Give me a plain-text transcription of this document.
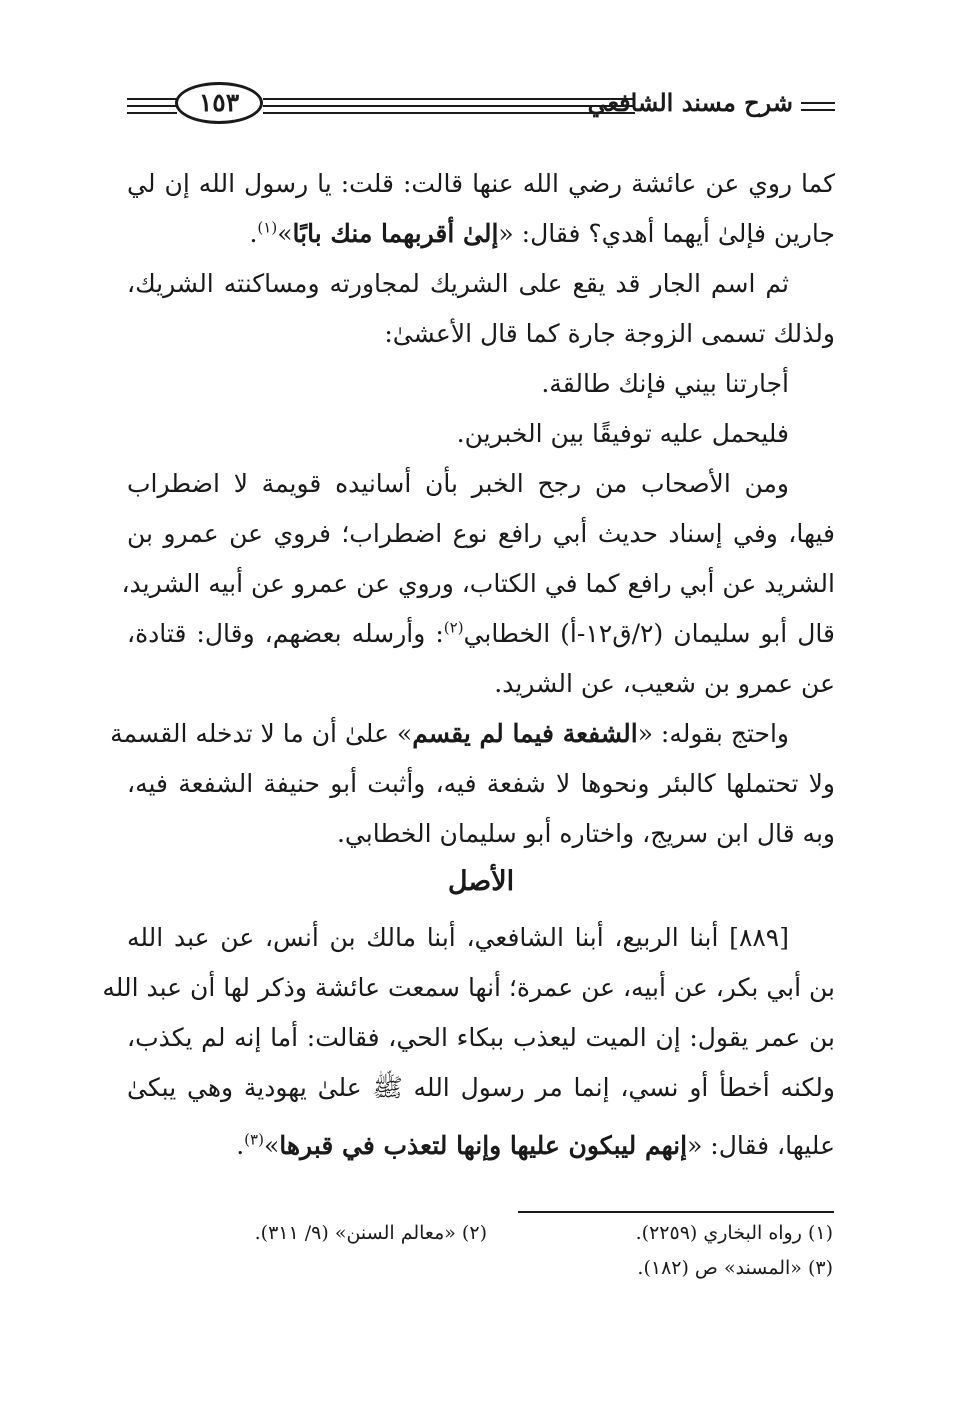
شرح مسند الشافعي
١٥٣
كما روي عن عائشة رضي الله عنها قالت: قلت: يا رسول الله إن لي
جارين فإلىٰ أيهما أهدي؟ فقال: «إلىٰ أقربهما منك بابًا»$^{(١)}$.
ثم اسم الجار قد يقع على الشريك لمجاورته ومساكنته الشريك،
ولذلك تسمى الزوجة جارة كما قال الأعشىٰ:
أجارتنا بيني فإنك طالقة.
فليحمل عليه توفيقًا بين الخبرين.
ومن الأصحاب من رجح الخبر بأن أسانيده قويمة لا اضطراب
فيها، وفي إسناد حديث أبي رافع نوع اضطراب؛ فروي عن عمرو بن
الشريد عن أبي رافع كما في الكتاب، وروي عن عمرو عن أبيه الشريد،
قال أبو سليمان (٢/ق١٢-أ) الخطابي$^{(٢)}$: وأرسله بعضهم، وقال: قتادة،
عن عمرو بن شعيب، عن الشريد.
واحتج بقوله: «الشفعة فيما لم يقسم» علىٰ أن ما لا تدخله القسمة
ولا تحتملها كالبئر ونحوها لا شفعة فيه، وأثبت أبو حنيفة الشفعة فيه،
وبه قال ابن سريج، واختاره أبو سليمان الخطابي.
الأصل
[٨٨٩] أبنا الربيع، أبنا الشافعي، أبنا مالك بن أنس، عن عبد الله
بن أبي بكر، عن أبيه، عن عمرة؛ أنها سمعت عائشة وذكر لها أن عبد الله
بن عمر يقول: إن الميت ليعذب ببكاء الحي، فقالت: أما إنه لم يكذب،
ولكنه أخطأ أو نسي، إنما مر رسول الله ﷺ علىٰ يهودية وهي يبكىٰ
عليها، فقال: «إنهم ليبكون عليها وإنها لتعذب في قبرها»$^{(٣)}$.
(١) رواه البخاري (٢٢٥٩).
(٢) «معالم السنن» (٩/ ٣١١).
(٣) «المسند» ص (١٨٢).
